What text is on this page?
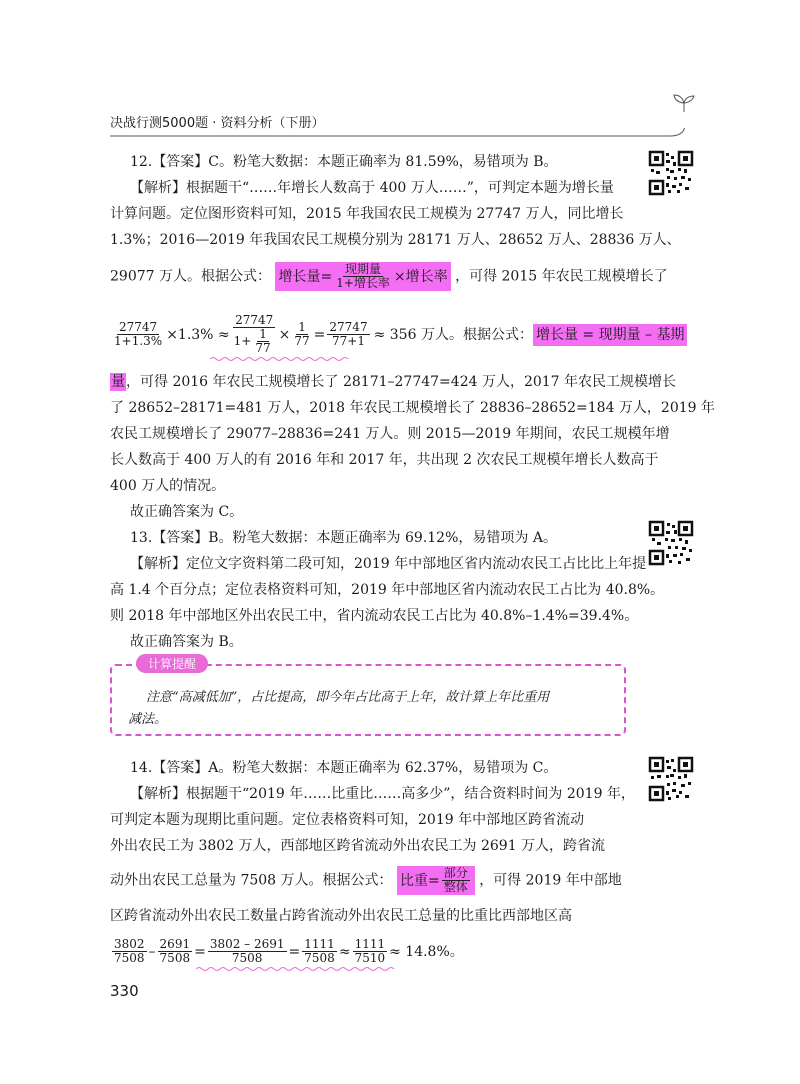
决战行测5000题 · 资料分析（下册）
12.【答案】C。粉笔大数据：本题正确率为 81.59%，易错项为 B。
【解析】根据题干“……年增长人数高于 400 万人……”，可判定本题为增长量
计算问题。定位图形资料可知，2015 年我国农民工规模为 27747 万人，同比增长
1.3%；2016—2019 年我国农民工规模分别为 28171 万人、28652 万人、28836 万人、
29077 万人。根据公式： 增长量= $\frac{\text{现期量}}{\text{1+增长率}}$ ×增长率 ，可得 2015 年农民工规模增长了
$\frac{27747}{1+1.3\%} \times 1.3\% \approx \frac{27747}{1+ \frac{1}{77}} \times \frac{1}{77} = \frac{27747}{77+1} \approx 356$ 万人。根据公式： 增长量 = 现期量 – 基期
量，可得 2016 年农民工规模增长了 28171–27747=424 万人，2017 年农民工规模增长
了 28652–28171=481 万人，2018 年农民工规模增长了 28836–28652=184 万人，2019 年
农民工规模增长了 29077–28836=241 万人。则 2015—2019 年期间，农民工规模年增
长人数高于 400 万人的有 2016 年和 2017 年，共出现 2 次农民工规模年增长人数高于
400 万人的情况。
故正确答案为 C。
13.【答案】B。粉笔大数据：本题正确率为 69.12%，易错项为 A。
【解析】定位文字资料第二段可知，2019 年中部地区省内流动农民工占比比上年提
高 1.4 个百分点；定位表格资料可知，2019 年中部地区省内流动农民工占比为 40.8%。
则 2018 年中部地区外出农民工中，省内流动农民工占比为 40.8%–1.4%=39.4%。
故正确答案为 B。
计算提醒
注意“高减低加”，占比提高，即今年占比高于上年，故计算上年比重用
减法。
14.【答案】A。粉笔大数据：本题正确率为 62.37%，易错项为 C。
【解析】根据题干“2019 年……比重比……高多少”，结合资料时间为 2019 年，
可判定本题为现期比重问题。定位表格资料可知，2019 年中部地区跨省流动
外出农民工为 3802 万人，西部地区跨省流动外出农民工为 2691 万人，跨省流
动外出农民工总量为 7508 万人。根据公式： 比重= $\frac{\text{部分}}{\text{整体}}$ ，可得 2019 年中部地
区跨省流动外出农民工数量占跨省流动外出农民工总量的比重比西部地区高
$\frac{3802}{7508} - \frac{2691}{7508} = \frac{3802 - 2691}{7508} = \frac{1111}{7508} \approx \frac{1111}{7510} \approx 14.8\%$。
330
